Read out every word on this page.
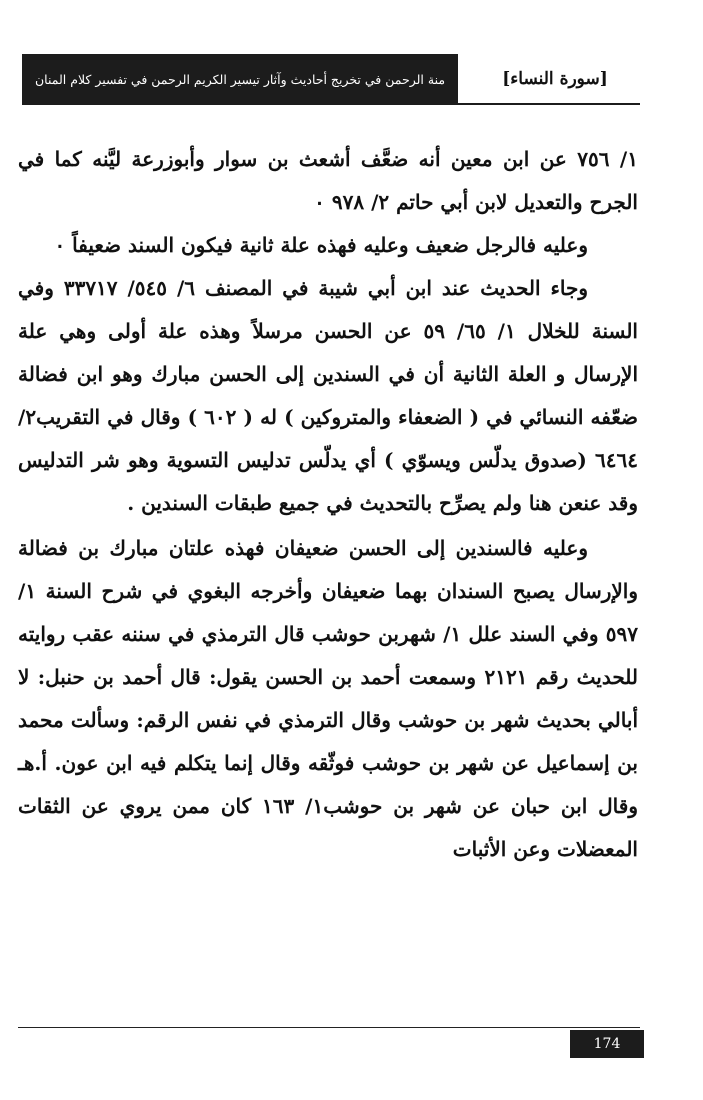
منة الرحمن في تخريج أحاديث وآثار تيسير الكريم الرحمن في تفسير كلام المنان	[سورة النساء]

١/ ٧٥٦ عن ابن معين أنه ضعَّف أشعث بن سوار وأبوزرعة ليَّنه كما في الجرح والتعديل لابن أبي حاتم ٢/ ٩٧٨ ٠

وعليه فالرجل ضعيف وعليه فهذه علة ثانية فيكون السند ضعيفاً ٠

وجاء الحديث عند ابن أبي شيبة في المصنف ٦/ ٥٤٥/ ٣٣٧١٧ وفي السنة للخلال ١/ ٦٥/ ٥٩ عن الحسن مرسلاً وهذه علة أولى وهي علة الإرسال و العلة الثانية أن في السندين إلى الحسن مبارك وهو ابن فضالة ضعّفه النسائي في ( الضعفاء والمتروكين ) له ( ٦٠٢ ) وقال في التقريب٢/ ٦٤٦٤ (صدوق يدلّس ويسوّي ) أي يدلّس تدليس التسوية وهو شر التدليس وقد عنعن هنا ولم يصرِّح بالتحديث في جميع طبقات السندين .

وعليه فالسندين إلى الحسن ضعيفان فهذه علتان مبارك بن فضالة والإرسال يصبح السندان بهما ضعيفان وأخرجه البغوي في شرح السنة ١/ ٥٩٧ وفي السند علل ١/ شهربن حوشب قال الترمذي في سننه عقب روايته للحديث رقم ٢١٢١ وسمعت أحمد بن الحسن يقول: قال أحمد بن حنبل: لا أبالي بحديث شهر بن حوشب وقال الترمذي في نفس الرقم: وسألت محمد بن إسماعيل عن شهر بن حوشب فوثّقه وقال إنما يتكلم فيه ابن عون. أ.هـ وقال ابن حبان عن شهر بن حوشب١/ ١٦٣ كان ممن يروي عن الثقات المعضلات وعن الأثبات

174
